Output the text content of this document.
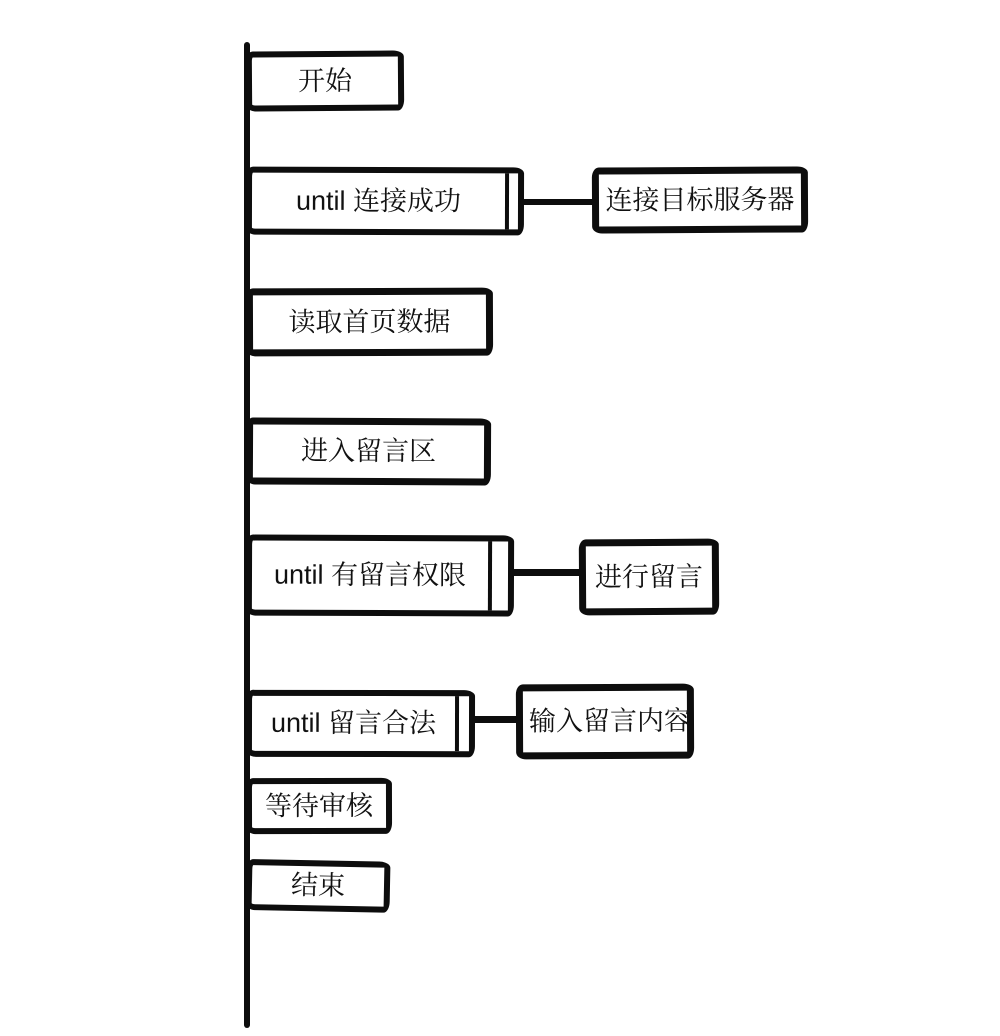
开始
until 连接成功	连接目标服务器
读取首页数据
进入留言区
until 有留言权限	进行留言
until 留言合法	输入留言内容
等待审核
结束
